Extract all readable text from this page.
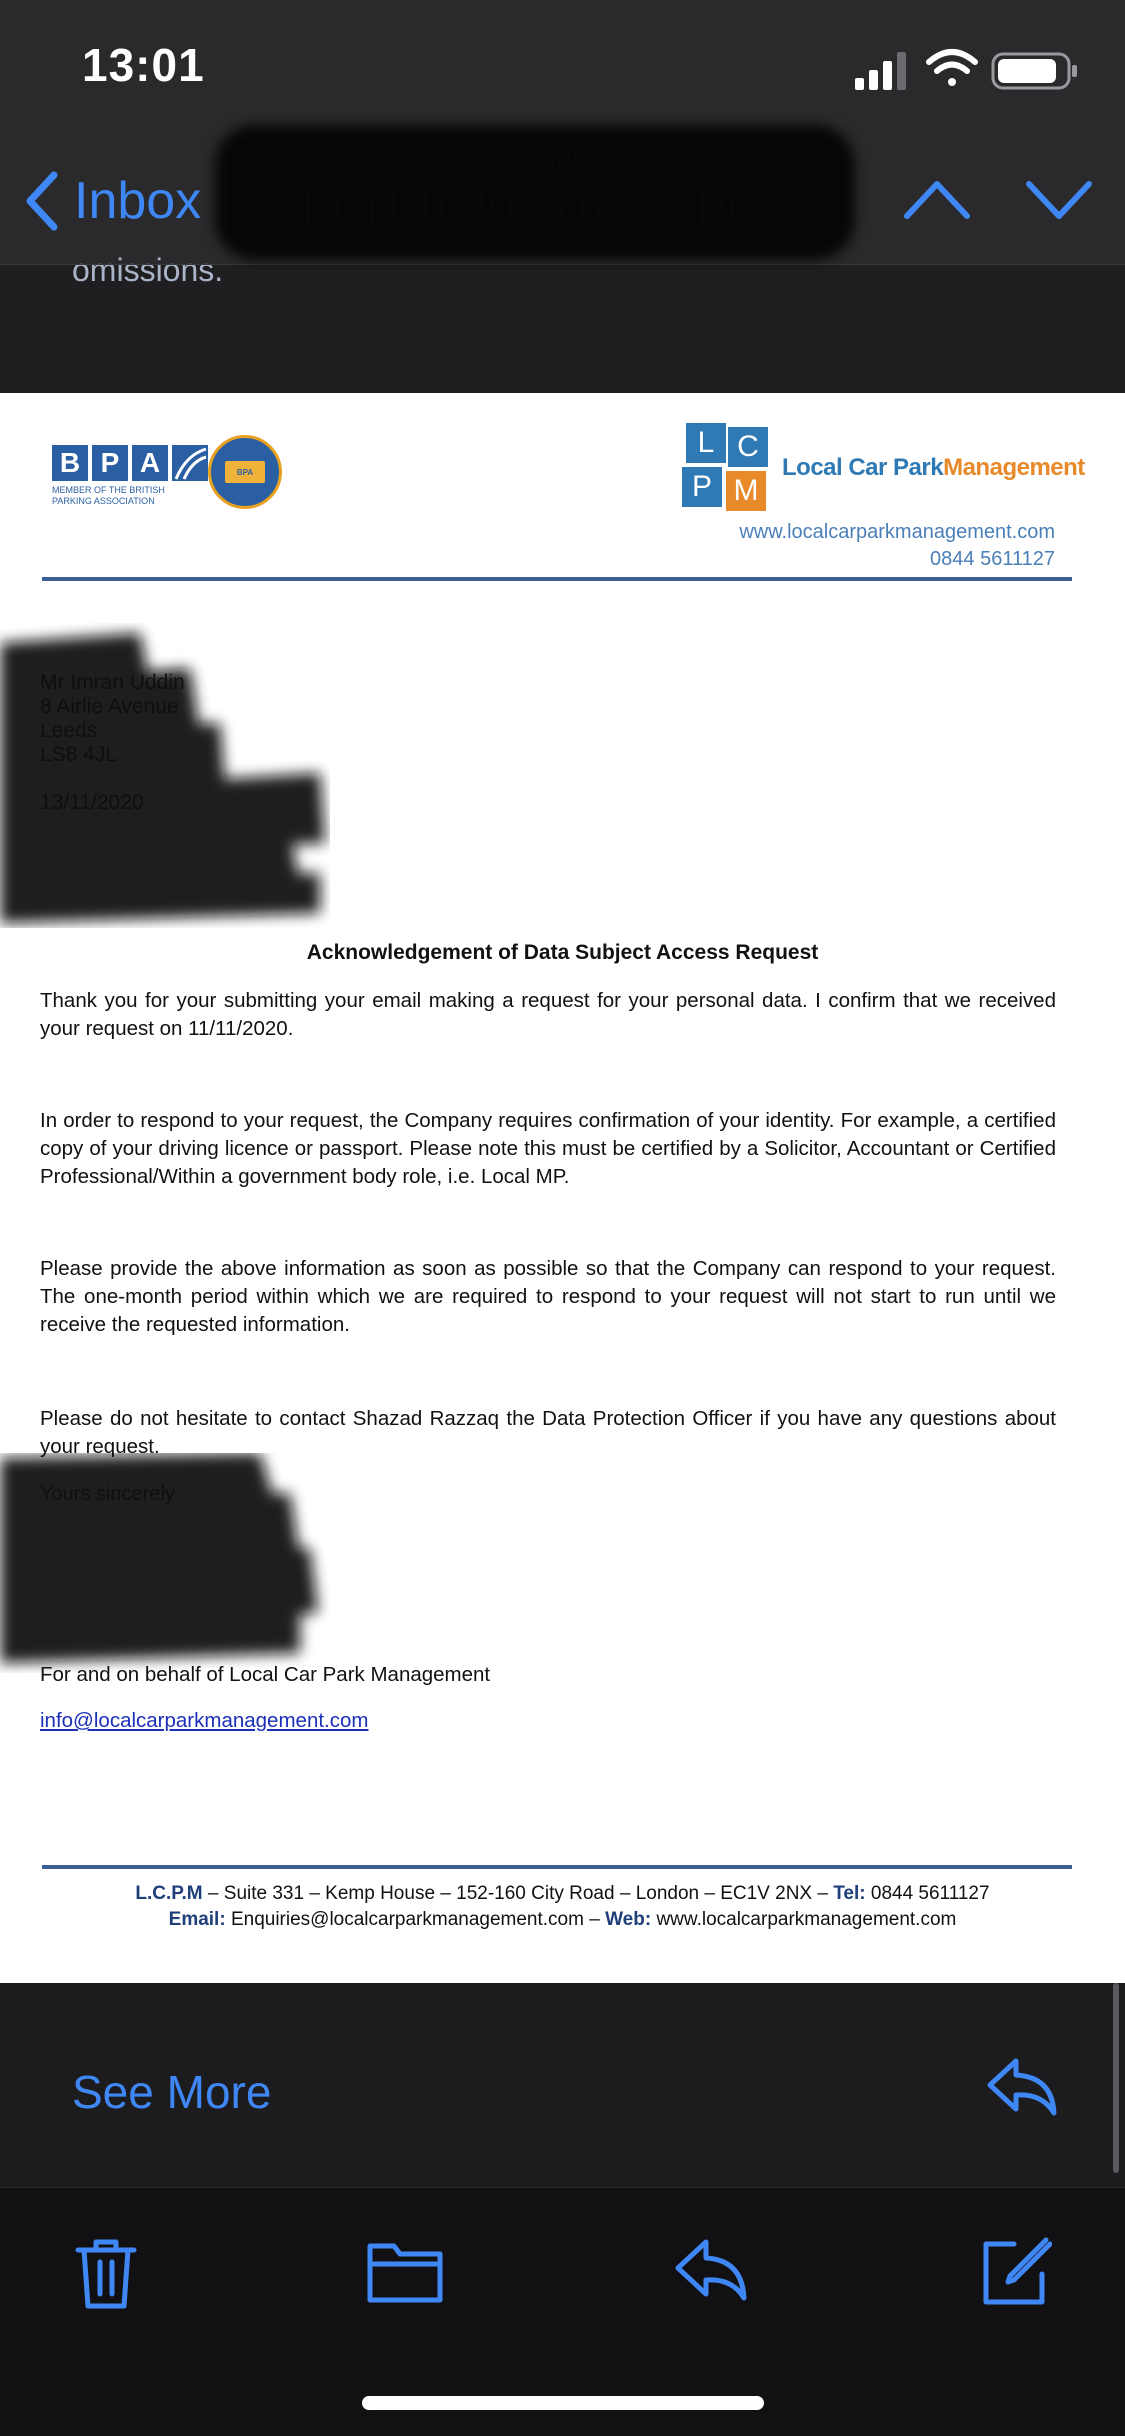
omissions.
13:01
Inbox
B P A
MEMBER OF THE BRITISH PARKING ASSOCIATION
BPA
L C
P M
Local Car ParkManagement
www.localcarparkmanagement.com
0844 5611127
Acknowledgement of Data Subject Access Request
Thank you for your submitting your email making a request for your personal data. I confirm that we received your request on 11/11/2020.
In order to respond to your request, the Company requires confirmation of your identity. For example, a certified copy of your driving licence or passport. Please note this must be certified by a Solicitor, Accountant or Certified Professional/Within a government body role, i.e. Local MP.
Please provide the above information as soon as possible so that the Company can respond to your request. The one-month period within which we are required to respond to your request will not start to run until we receive the requested information.
Please do not hesitate to contact Shazad Razzaq the Data Protection Officer if you have any questions about your request.
For and on behalf of Local Car Park Management
info@localcarparkmanagement.com
L.C.P.M – Suite 331 – Kemp House – 152-160 City Road – London – EC1V 2NX – Tel: 0844 5611127
Email: Enquiries@localcarparkmanagement.com – Web: www.localcarparkmanagement.com
See More
